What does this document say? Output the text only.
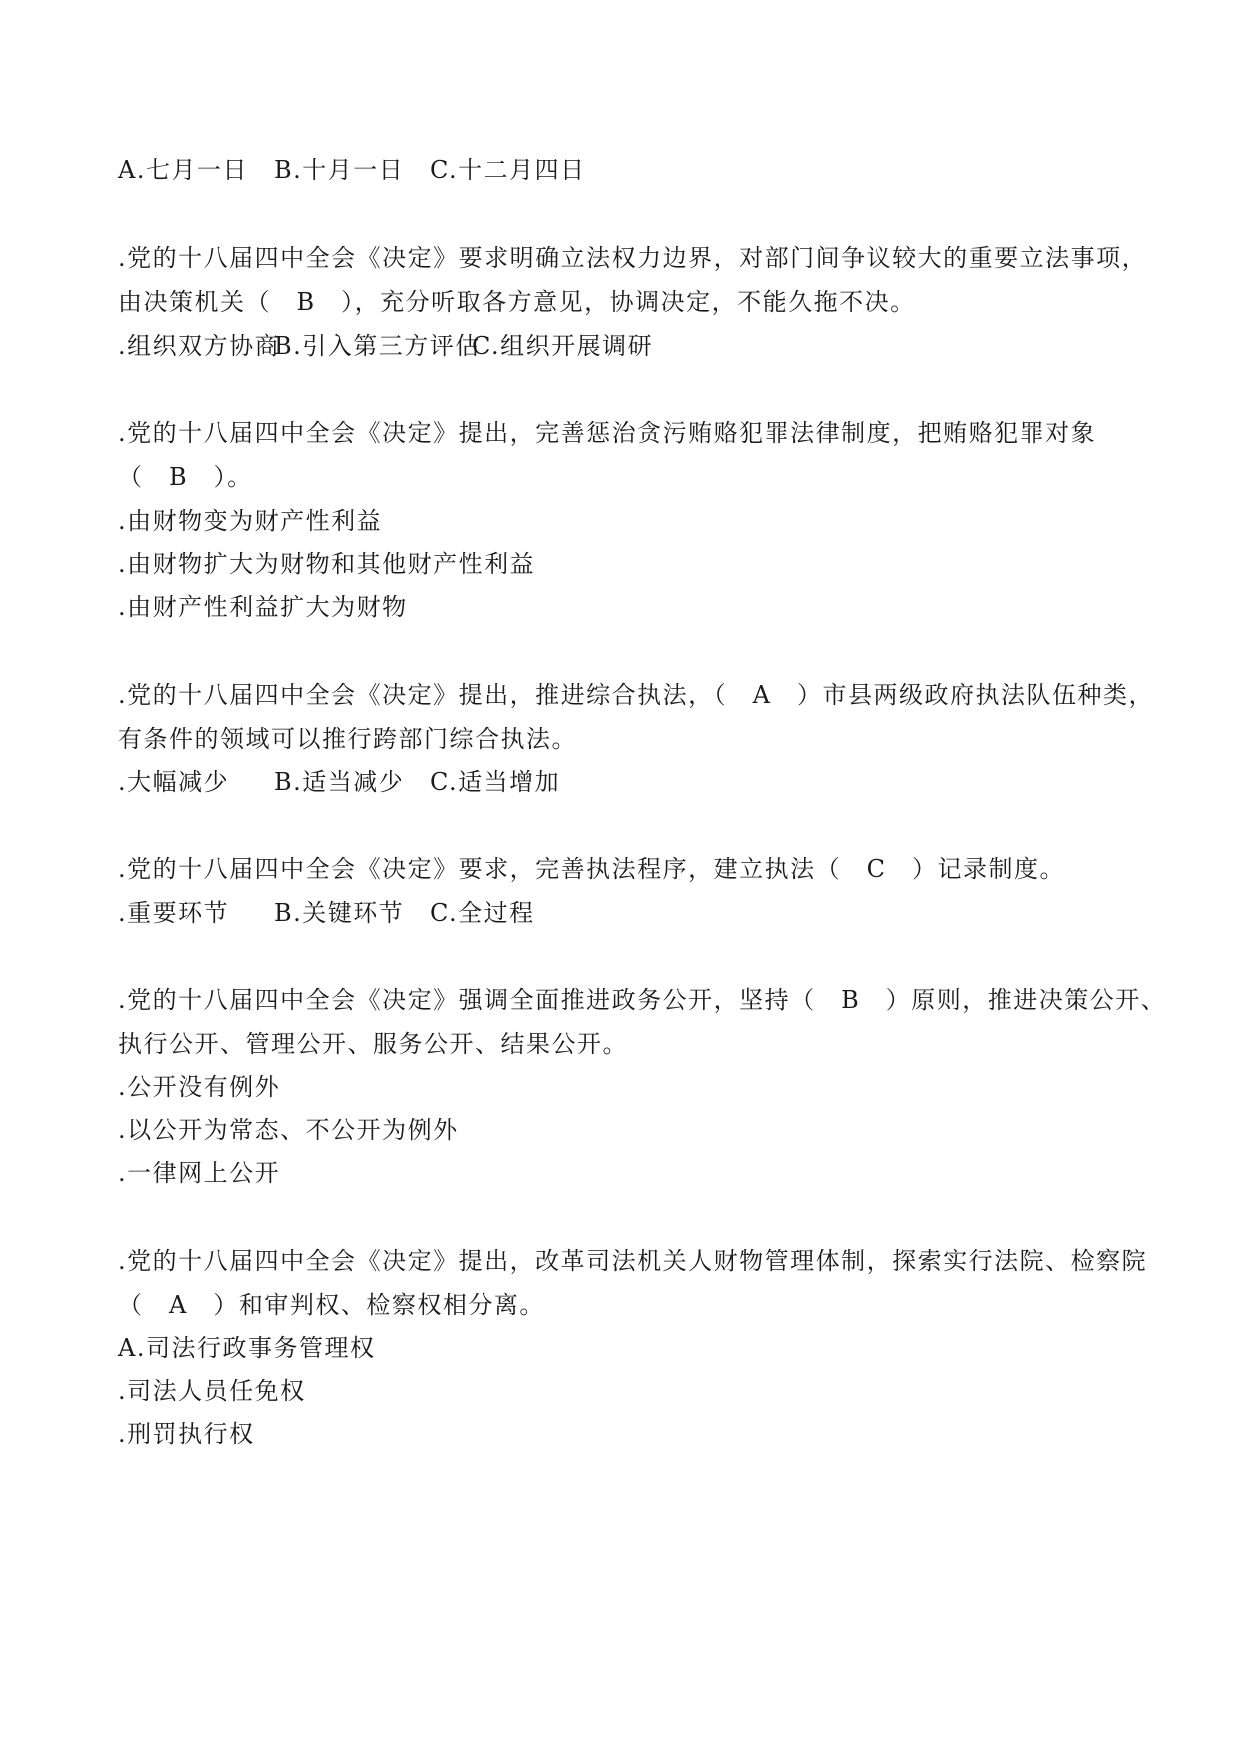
A.七月一日 B.十月一日 C.十二月四日
.党的十八届四中全会《决定》要求明确立法权力边界，对部门间争议较大的重要立法事项，
由决策机关（　B　），充分听取各方意见，协调决定，不能久拖不决。
.组织双方协商B.引入第三方评估C.组织开展调研
.党的十八届四中全会《决定》提出，完善惩治贪污贿赂犯罪法律制度，把贿赂犯罪对象
（　B　）。
.由财物变为财产性利益
.由财物扩大为财物和其他财产性利益
.由财产性利益扩大为财物
.党的十八届四中全会《决定》提出，推进综合执法，（　A　）市县两级政府执法队伍种类，
有条件的领域可以推行跨部门综合执法。
.大幅减少 B.适当减少 C.适当增加
.党的十八届四中全会《决定》要求，完善执法程序，建立执法（　C　）记录制度。
.重要环节 B.关键环节 C.全过程
.党的十八届四中全会《决定》强调全面推进政务公开，坚持（　B　）原则，推进决策公开、
执行公开、管理公开、服务公开、结果公开。
.公开没有例外
.以公开为常态、不公开为例外
.一律网上公开
.党的十八届四中全会《决定》提出，改革司法机关人财物管理体制，探索实行法院、检察院
（　A　）和审判权、检察权相分离。
A.司法行政事务管理权
.司法人员任免权
.刑罚执行权
